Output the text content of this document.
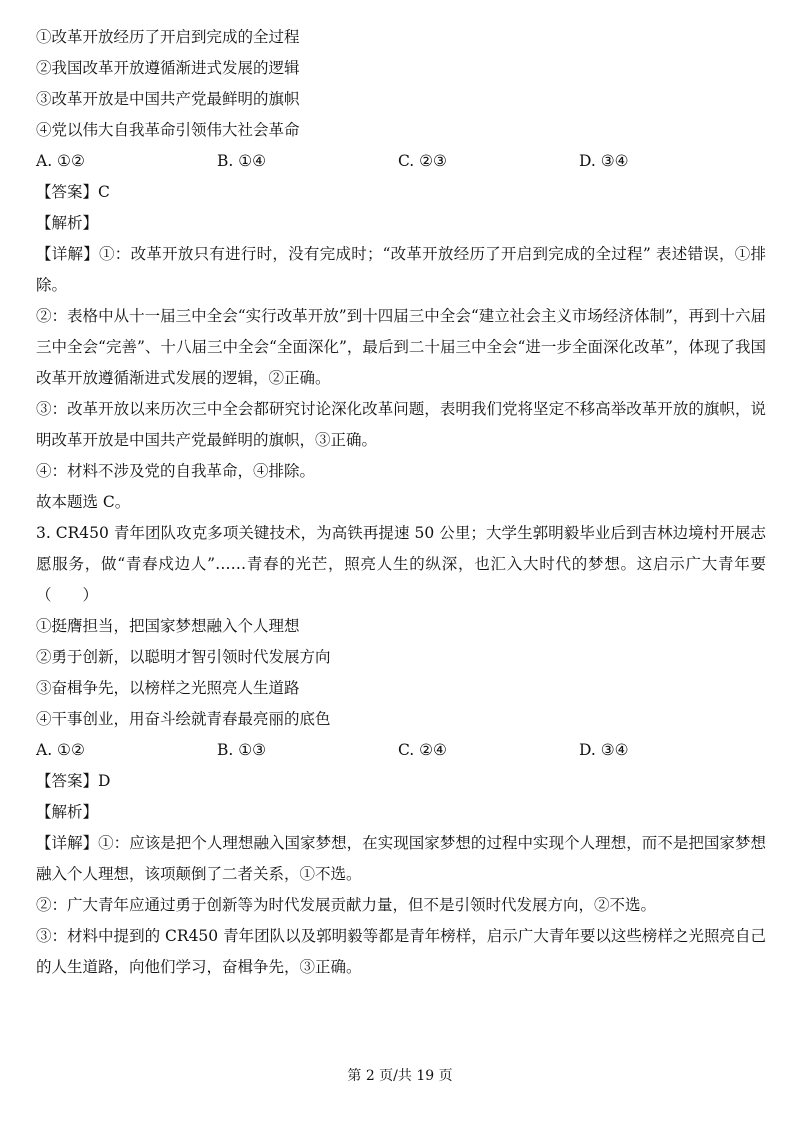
①改革开放经历了开启到完成的全过程
②我国改革开放遵循渐进式发展的逻辑
③改革开放是中国共产党最鲜明的旗帜
④党以伟大自我革命引领伟大社会革命
A. ①②	B. ①④	C. ②③	D. ③④
【答案】C
【解析】
【详解】①：改革开放只有进行时，没有完成时；“改革开放经历了开启到完成的全过程” 表述错误，①排除。
②：表格中从十一届三中全会“实行改革开放”到十四届三中全会“建立社会主义市场经济体制”，再到十六届三中全会“完善”、十八届三中全会“全面深化”，最后到二十届三中全会“进一步全面深化改革”，体现了我国改革开放遵循渐进式发展的逻辑，②正确。
③：改革开放以来历次三中全会都研究讨论深化改革问题，表明我们党将坚定不移高举改革开放的旗帜，说明改革开放是中国共产党最鲜明的旗帜，③正确。
④：材料不涉及党的自我革命，④排除。
故本题选 C。
3. CR450 青年团队攻克多项关键技术，为高铁再提速 50 公里；大学生郭明毅毕业后到吉林边境村开展志愿服务，做“青春戍边人”……青春的光芒，照亮人生的纵深，也汇入大时代的梦想。这启示广大青年要（　　）
①挺膺担当，把国家梦想融入个人理想
②勇于创新，以聪明才智引领时代发展方向
③奋楫争先，以榜样之光照亮人生道路
④干事创业，用奋斗绘就青春最亮丽的底色
A. ①②	B. ①③	C. ②④	D. ③④
【答案】D
【解析】
【详解】①：应该是把个人理想融入国家梦想，在实现国家梦想的过程中实现个人理想，而不是把国家梦想融入个人理想，该项颠倒了二者关系，①不选。
②：广大青年应通过勇于创新等为时代发展贡献力量，但不是引领时代发展方向，②不选。
③：材料中提到的 CR450 青年团队以及郭明毅等都是青年榜样，启示广大青年要以这些榜样之光照亮自己的人生道路，向他们学习，奋楫争先，③正确。
第 2 页/共 19 页
